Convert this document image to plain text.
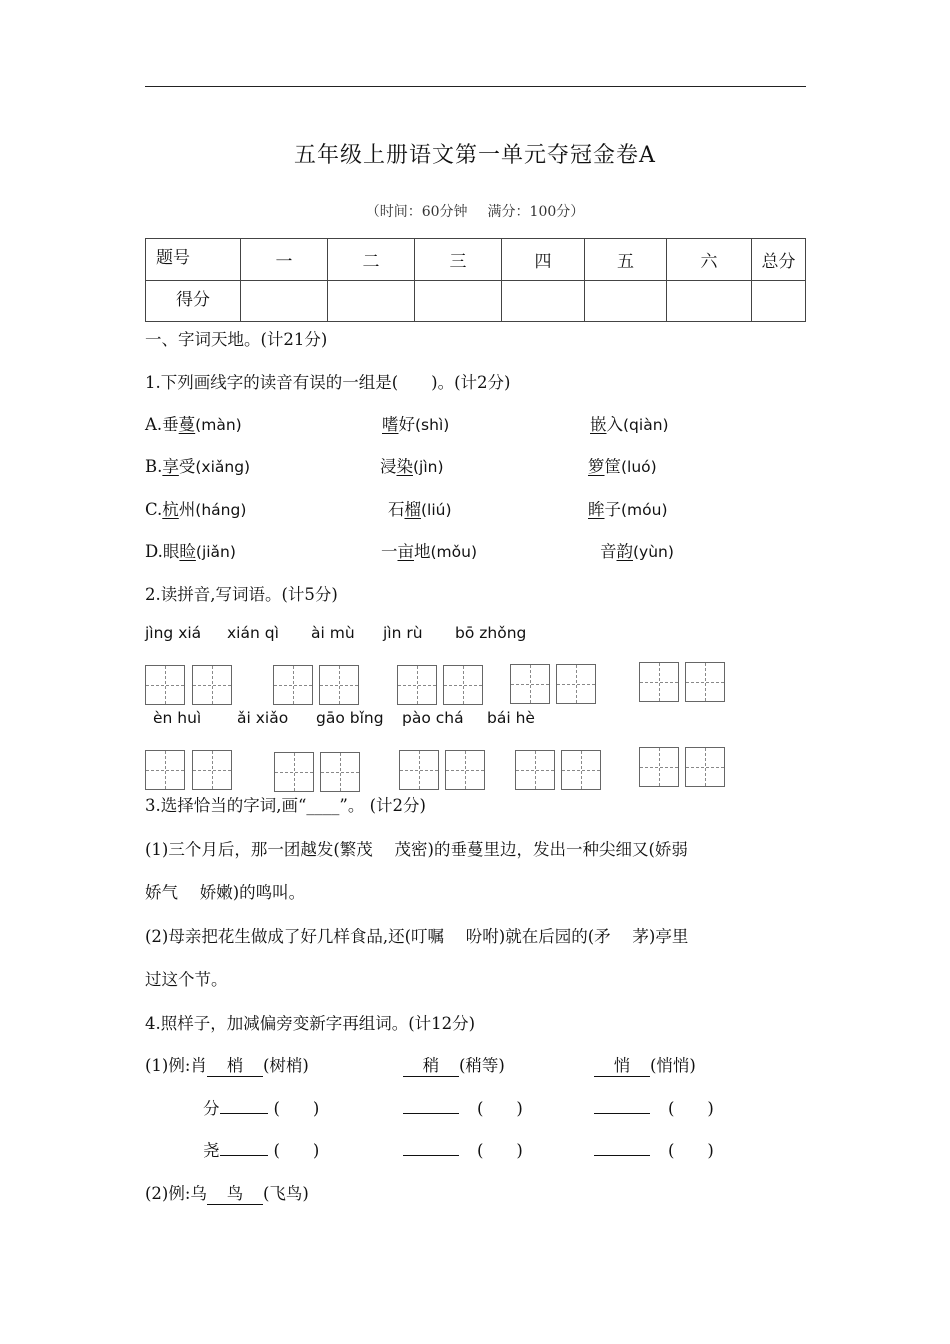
五年级上册语文第一单元夺冠金卷A
（时间：60分钟 满分：100分）
题号	一	二	三	四	五	六	总分
得分							
一、字词天地。(计21分)
1.下列画线字的读音有误的一组是(　　)。(计2分)
A.垂蔓(màn)	嗜好(shì)	嵌入(qiàn)
B.享受(xiǎng)	浸染(jìn)	箩筐(luó)
C.杭州(háng)	石榴(liú)	眸子(móu)
D.眼睑(jiǎn)	一亩地(mǒu)	音韵(yùn)
2.读拼音,写词语。(计5分)
jìng xiá xián qì ài mù jìn rù bō zhǒng
èn huì ǎi xiǎo gāo bǐng pào chá bái hè
3.选择恰当的字词,画“____”。 (计2分)
(1)三个月后，那一团越发(繁茂　 茂密)的垂蔓里边，发出一种尖细又(娇弱
娇气　 娇嫩)的鸣叫。
(2)母亲把花生做成了好几样食品,还(叮嘱　 吩咐)就在后园的(矛　 茅)亭里
过这个节。
4.照样子，加减偏旁变新字再组词。(计12分)
(1)例:肖 梢 (树梢)	稍 (稍等)	悄 (悄悄)
分	(　　)	(　　)	(　　)
尧	(　　)	(　　)	(　　)
(2)例:乌 鸟 (飞鸟)
